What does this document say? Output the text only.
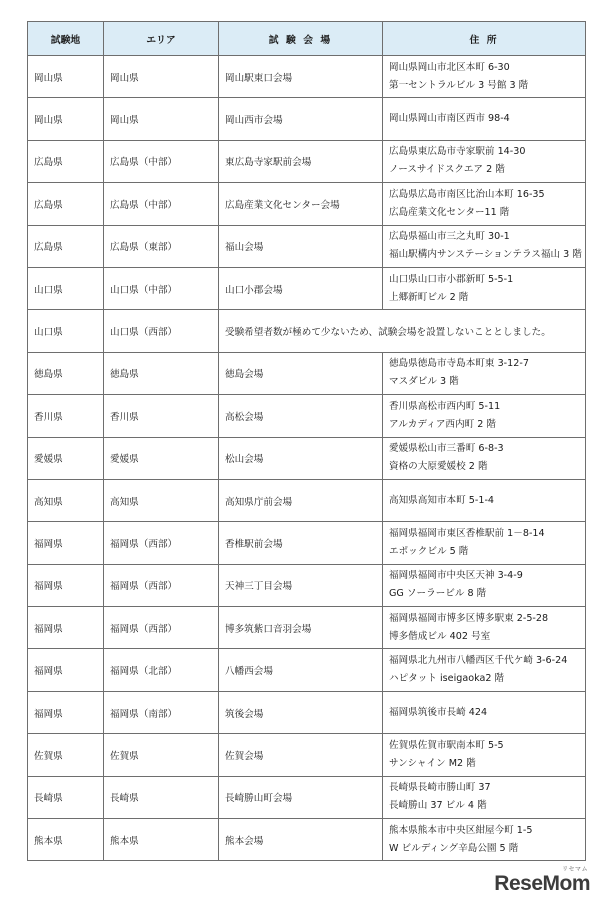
試験地	エリア	試 験 会 場	住 所
岡山県	岡山県	岡山駅東口会場	岡山県岡山市北区本町 6-30
第一セントラルビル 3 号館 3 階

岡山県	岡山県	岡山西市会場	岡山県岡山市南区西市 98-4

広島県	広島県（中部）	東広島寺家駅前会場	広島県東広島市寺家駅前 14-30
ノースサイドスクエア 2 階

広島県	広島県（中部）	広島産業文化センター会場	広島県広島市南区比治山本町 16-35
広島産業文化センター11 階

広島県	広島県（東部）	福山会場	広島県福山市三之丸町 30-1
福山駅構内サンステーションテラス福山 3 階

山口県	山口県（中部）	山口小郡会場	山口県山口市小郡新町 5-5-1
上郷新町ビル 2 階

山口県	山口県（西部）	受験希望者数が極めて少ないため、試験会場を設置しないこととしました。	
徳島県	徳島県	徳島会場	徳島県徳島市寺島本町東 3-12-7
マスダビル 3 階

香川県	香川県	高松会場	香川県高松市西内町 5-11
アルカディア西内町 2 階

愛媛県	愛媛県	松山会場	愛媛県松山市三番町 6-8-3
資格の大原愛媛校 2 階

高知県	高知県	高知県庁前会場	高知県高知市本町 5-1-4

福岡県	福岡県（西部）	香椎駅前会場	福岡県福岡市東区香椎駅前 1－8-14
エポックビル 5 階

福岡県	福岡県（西部）	天神三丁目会場	福岡県福岡市中央区天神 3-4-9
GG ソーラービル 8 階

福岡県	福岡県（西部）	博多筑紫口音羽会場	福岡県福岡市博多区博多駅東 2-5-28
博多偕成ビル 402 号室

福岡県	福岡県（北部）	八幡西会場	福岡県北九州市八幡西区千代ケ崎 3-6-24
ハピタット iseigaoka2 階

福岡県	福岡県（南部）	筑後会場	福岡県筑後市長崎 424

佐賀県	佐賀県	佐賀会場	佐賀県佐賀市駅南本町 5-5
サンシャイン M2 階

長崎県	長崎県	長崎勝山町会場	長崎県長崎市勝山町 37
長崎勝山 37 ビル 4 階

熊本県	熊本県	熊本会場	熊本県熊本市中央区紺屋今町 1-5
W ビルディング辛島公園 5 階
リセマム
ReseMom
